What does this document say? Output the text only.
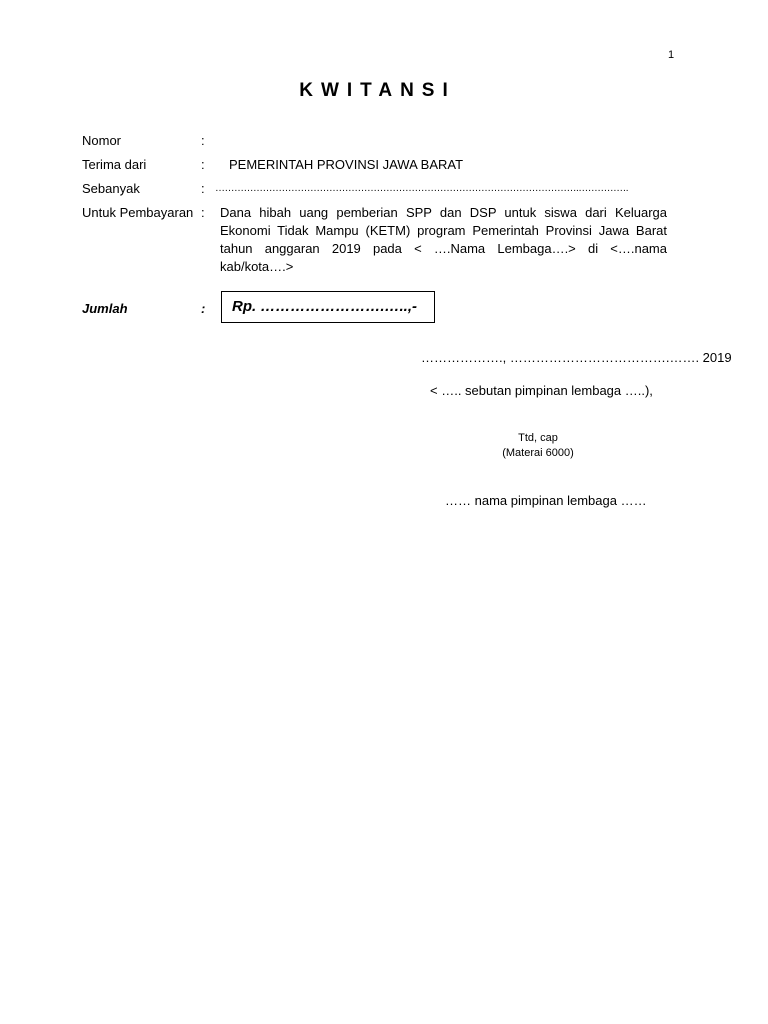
1
KWITANSI
Nomor	:
Terima dari	: PEMERINTAH PROVINSI JAWA BARAT
Sebanyak	: …………………………………………………………………………………………………….…………….
Untuk Pembayaran : Dana hibah uang pemberian SPP dan DSP untuk siswa dari Keluarga Ekonomi Tidak Mampu (KETM) program Pemerintah Provinsi Jawa Barat tahun anggaran 2019 pada < ….Nama Lembaga….> di <….nama kab/kota….>
Jumlah	:	Rp. …………………….…..,-
………………., ……………………………….……. 2019
< ….. sebutan pimpinan lembaga …..),
Ttd, cap
(Materai 6000)
…… nama pimpinan lembaga ……
